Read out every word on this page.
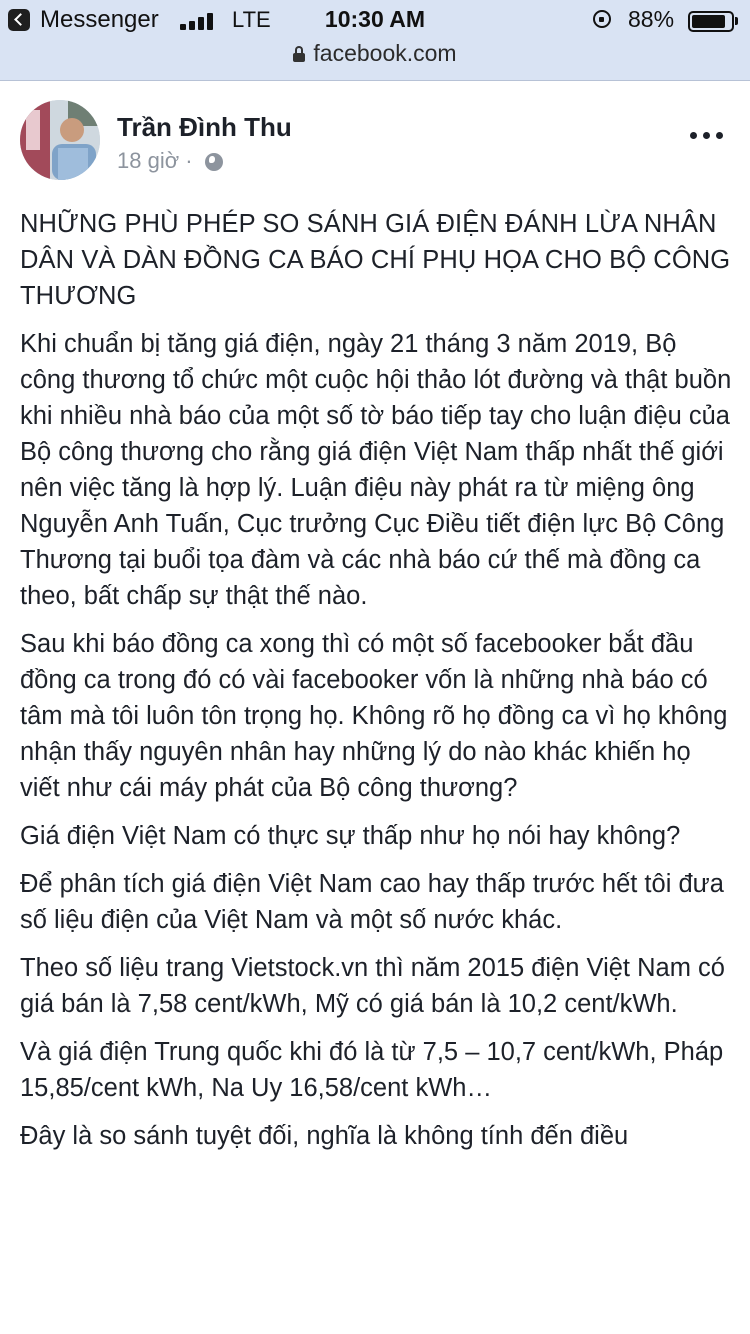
Messenger	LTE	10:30 AM	88%
facebook.com
Trần Đình Thu
18 giờ ·

NHỮNG PHÙ PHÉP SO SÁNH GIÁ ĐIỆN ĐÁNH LỪA NHÂN DÂN VÀ DÀN ĐỒNG CA BÁO CHÍ PHỤ HỌA CHO BỘ CÔNG THƯƠNG

Khi chuẩn bị tăng giá điện, ngày 21 tháng 3 năm 2019, Bộ công thương tổ chức một cuộc hội thảo lót đường và thật buồn khi nhiều nhà báo của một số tờ báo tiếp tay cho luận điệu của Bộ công thương cho rằng giá điện Việt Nam thấp nhất thế giới nên việc tăng là hợp lý. Luận điệu này phát ra từ miệng ông Nguyễn Anh Tuấn, Cục trưởng Cục Điều tiết điện lực Bộ Công Thương tại buổi tọa đàm và các nhà báo cứ thế mà đồng ca theo, bất chấp sự thật thế nào.

Sau khi báo đồng ca xong thì có một số facebooker bắt đầu đồng ca trong đó có vài facebooker vốn là những nhà báo có tâm mà tôi luôn tôn trọng họ. Không rõ họ đồng ca vì họ không nhận thấy nguyên nhân hay những lý do nào khác khiến họ viết như cái máy phát của Bộ công thương?

Giá điện Việt Nam có thực sự thấp như họ nói hay không?

Để phân tích giá điện Việt Nam cao hay thấp trước hết tôi đưa số liệu điện của Việt Nam và một số nước khác.

Theo số liệu trang Vietstock.vn thì năm 2015 điện Việt Nam có giá bán là 7,58 cent/kWh, Mỹ có giá bán là 10,2 cent/kWh.

Và giá điện Trung quốc khi đó là từ 7,5 – 10,7 cent/kWh, Pháp 15,85/cent kWh, Na Uy 16,58/cent kWh…

Đây là so sánh tuyệt đối, nghĩa là không tính đến điều
